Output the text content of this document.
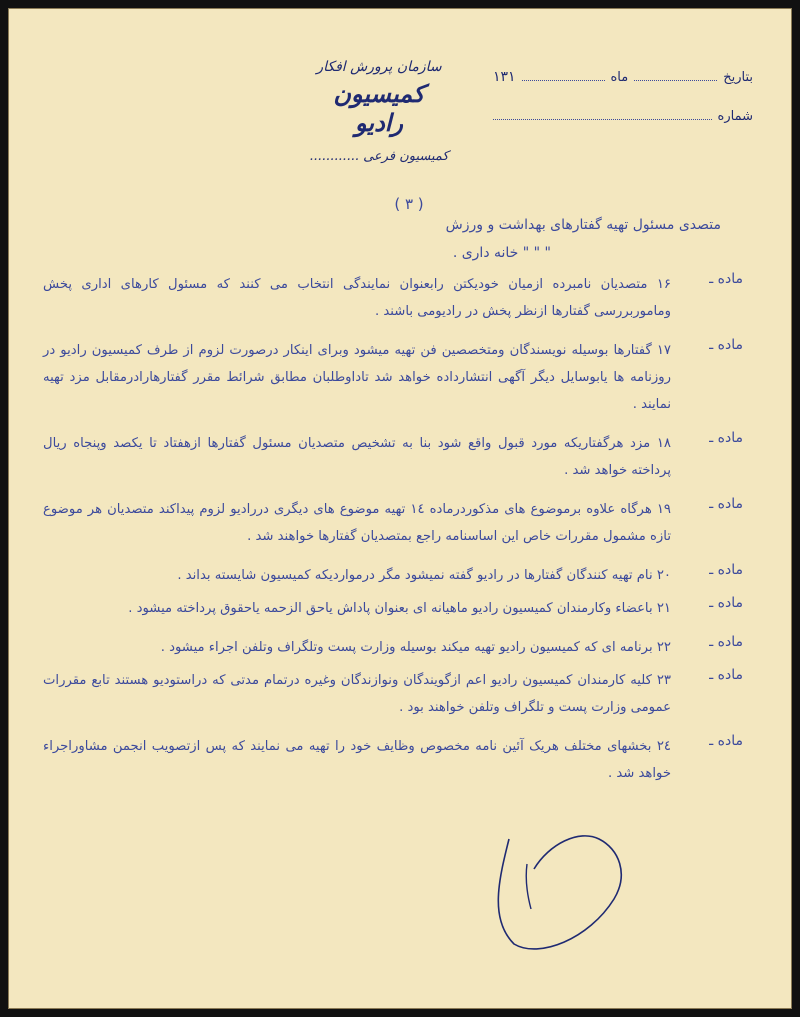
سازمان پرورش افکار
کمیسیون رادیو
کمیسیون فرعی ............
بتاریخ
ماه
۱۳۱
شماره
( ۳ )
متصدی مسئول تهیه گفتارهای بهداشت و ورزش
" " " خانه داری .
ماده ـ
۱۶ متصدیان نامبرده ازمیان خودیکتن رابعنوان نمایندگی انتخاب می کنند که مسئول کارهای اداری پخش وماموربررسی گفتارها ازنظر پخش در رادیومی باشند .
ماده ـ
۱۷ گفتارها بوسیله نویسندگان ومتخصصین فن تهیه میشود وبرای اینکار درصورت لزوم از طرف کمیسیون رادیو در روزنامه ها یابوسایل دیگر آگهی انتشارداده خواهد شد تاداوطلبان مطابق شرائط مقرر گفتارهارادرمقابل مزد تهیه نمایند .
ماده ـ
۱۸ مزد هرگفتاریکه مورد قبول واقع شود بنا به تشخیص متصدیان مسئول گفتارها ازهفتاد تا یکصد وپنجاه ریال پرداخته خواهد شد .
ماده ـ
۱۹ هرگاه علاوه برموضوع های مذکوردرماده ۱٤ تهیه موضوع های دیگری دررادیو لزوم پیداکند متصدیان هر موضوع تازه مشمول مقررات خاص این اساسنامه راجع بمتصدیان گفتارها خواهند شد .
ماده ـ
۲۰ نام تهیه کنندگان گفتارها در رادیو گفته نمیشود مگر درمواردیکه کمیسیون شایسته بداند .
ماده ـ
۲۱ باعضاء وکارمندان کمیسیون رادیو ماهیانه ای بعنوان پاداش یاحق الزحمه یاحقوق پرداخته میشود .
ماده ـ
۲۲ برنامه ای که کمیسیون رادیو تهیه میکند بوسیله وزارت پست وتلگراف وتلفن اجراء میشود .
ماده ـ
۲۳ کلیه کارمندان کمیسیون رادیو اعم ازگویندگان ونوازندگان وغیره درتمام مدتی که دراستودیو هستند تابع مقررات عمومی وزارت پست و تلگراف وتلفن خواهند بود .
ماده ـ
۲٤ بخشهای مختلف هریک آئین نامه مخصوص وظایف خود را تهیه می نمایند که پس ازتصویب انجمن مشاوراجراء خواهد شد .
